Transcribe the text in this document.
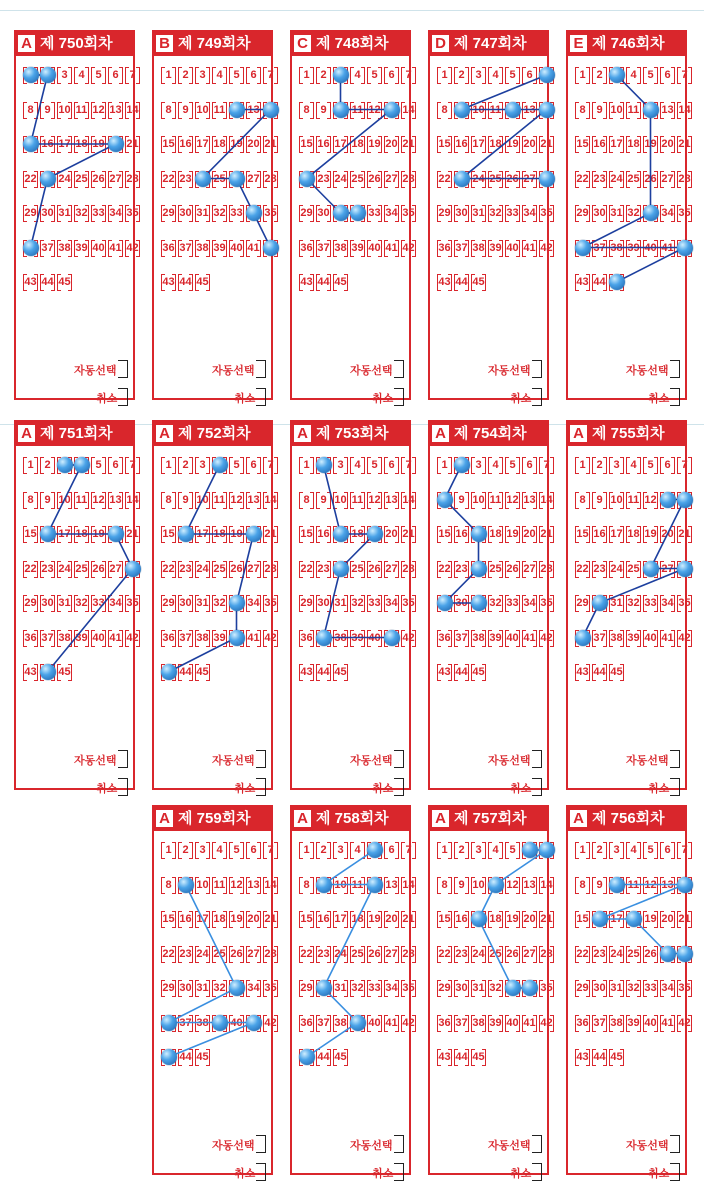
A 제 750회차
3 4 5 6 7
8 9 10 11 12 13 14
16 17 18 19 21
22 24 25 26 27 28
29 30 31 32 33 34 35
37 38 39 40 41 42
43 44 45
자동선택
취소
B 제 749회차
1 2 3 4 5 6 7
8 9 10 11 13
15 16 17 18 19 20 21
22 23 25 27 28
29 30 31 32 33 35
36 37 38 39 40 41
43 44 45
자동선택
취소
C 제 748회차
1 2	4 5 6 7
8 9	11 12 14
15 16 17 18 19 20 21
23 24 25 26 27 28
29 30	33 34 35
36 37 38 39 40 41 42
43 44 45
자동선택
취소
D 제 747회차
1 2 3 4 5 6
8	10 11 13
15 16 17 18 19 20 21
22 24 25 26 27
29 30 31 32 33 34 35
36 37 38 39 40 41 42
43 44 45
자동선택
취소
E 제 746회차
1 2	4 5 6 7
8 9 10 11 13 14
15 16 17 18 19 20 21
22 23 24 25 26 27 28
29 30 31 32 34 35
37 38 39 40 41
43 44
자동선택
취소
A 제 751회차
1 2	5 6 7
8 9 10 11 12 13 14
15 17 18 19 21
22 23 24 25 26 27
29 30 31 32 33 34 35
36 37 38 39 40 41 42
43 45
자동선택
취소
A 제 752회차
1 2 3	5 6 7
8 9 10 11 12 13 14
15 17 18 19 21
22 23 24 25 26 27 28
29 30 31 32 34 35
36 37 38 39 41 42
44 45
자동선택
취소
A 제 753회차
1	3 4 5 6 7
8 9 10 11 12 13 14
15 16 18 20 21
22 23 25 26 27 28
29 30 31 32 33 34 35
36 38 39 40 42
43 44 45
자동선택
취소
A 제 754회차
1	3 4 5 6 7
9 10 11 12 13 14
15 16 18 19 20 21
22 23 25 26 27 28
30 32 33 34 35
36 37 38 39 40 41 42
43 44 45
자동선택
취소
A 제 755회차
1 2 3 4 5 6 7
8 9 10 11 12
15 16 17 18 19 20 21
22 23 24 25 27
29 31 32 33 34 35
37 38 39 40 41 42
43 44 45
자동선택
취소
A 제 759회차
1 2 3 4 5 6 7
8	10 11 12 13 14
15 16 17 18 19 20 21
22 23 24 25 26 27 28
29 30 31 32 34 35
37 38 40 42
44 45
자동선택
취소
A 제 758회차
1 2 3 4	6 7
8	10 11 13 14
15 16 17 18 19 20 21
22 23 24 25 26 27 28
29 31 32 33 34 35
36 37 38 40 41 42
44 45
자동선택
취소
A 제 757회차
1 2 3 4 5
8 9 10 12 13 14
15 16 18 19 20 21
22 23 24 25 26 27 28
29 30 31 32	35
36 37 38 39 40 41 42
43 44 45
자동선택
취소
A 제 756회차
1 2 3 4 5 6 7
8 9	11 12 13
15 17 19 20 21
22 23 24 25 26
29 30 31 32 33 34 35
36 37 38 39 40 41 42
43 44 45
자동선택
취소
